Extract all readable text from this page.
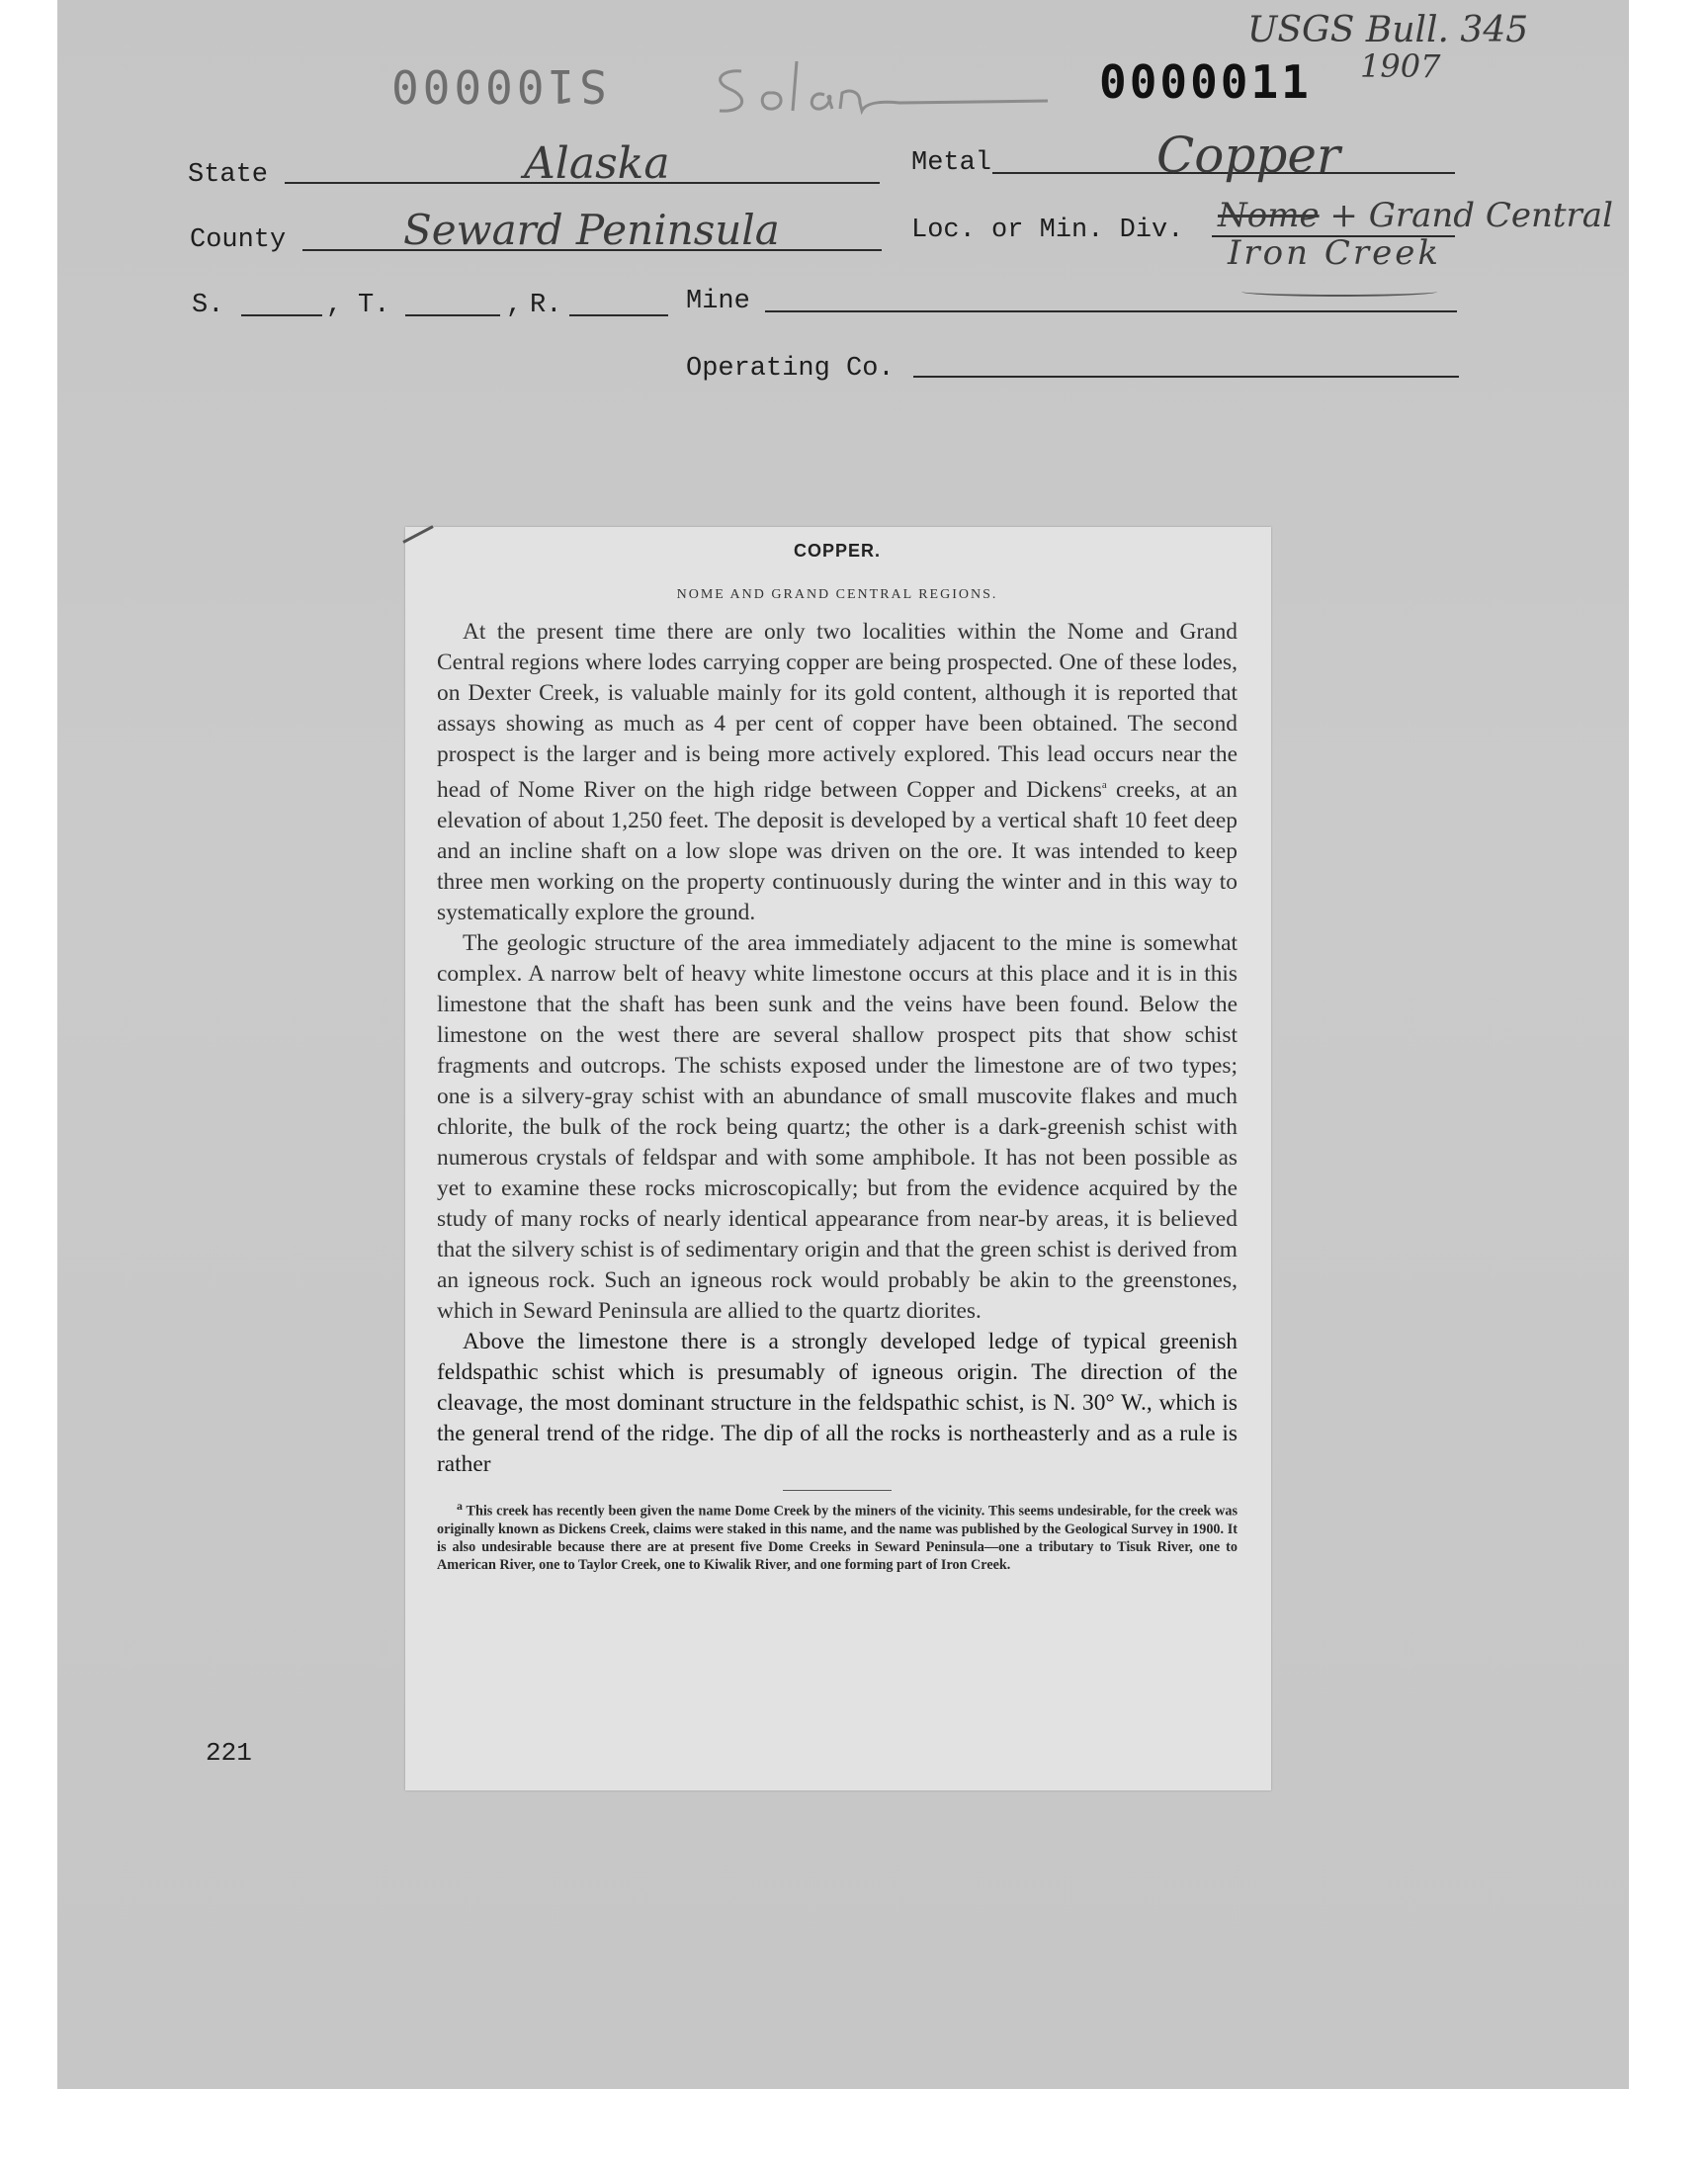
S100000	0000011
USGS Bull. 345
1907
State	Alaska	Metal	Copper
County	Seward Peninsula	Loc. or Min. Div. Nome + Grand Central
Iron Creek
S.	, T.	, R.	Mine
Operating Co.
COPPER.
NOME AND GRAND CENTRAL REGIONS.

At the present time there are only two localities within the Nome and Grand Central regions where lodes carrying copper are being prospected. One of these lodes, on Dexter Creek, is valuable mainly for its gold content, although it is reported that assays showing as much as 4 per cent of copper have been obtained. The second prospect is the larger and is being more actively explored. This lead occurs near the head of Nome River on the high ridge between Copper and Dickens$^a$ creeks, at an elevation of about 1,250 feet. The deposit is developed by a vertical shaft 10 feet deep and an incline shaft on a low slope was driven on the ore. It was intended to keep three men working on the property continuously during the winter and in this way to systematically explore the ground.

The geologic structure of the area immediately adjacent to the mine is somewhat complex. A narrow belt of heavy white limestone occurs at this place and it is in this limestone that the shaft has been sunk and the veins have been found. Below the limestone on the west there are several shallow prospect pits that show schist fragments and outcrops. The schists exposed under the limestone are of two types; one is a silvery-gray schist with an abundance of small muscovite flakes and much chlorite, the bulk of the rock being quartz; the other is a dark-greenish schist with numerous crystals of feldspar and with some amphibole. It has not been possible as yet to examine these rocks microscopically; but from the evidence acquired by the study of many rocks of nearly identical appearance from near-by areas, it is believed that the silvery schist is of sedimentary origin and that the green schist is derived from an igneous rock. Such an igneous rock would probably be akin to the greenstones, which in Seward Peninsula are allied to the quartz diorites.

Above the limestone there is a strongly developed ledge of typical greenish feldspathic schist which is presumably of igneous origin. The direction of the cleavage, the most dominant structure in the feldspathic schist, is N. 30° W., which is the general trend of the ridge. The dip of all the rocks is northeasterly and as a rule is rather

$^a$ This creek has recently been given the name Dome Creek by the miners of the vicinity. This seems undesirable, for the creek was originally known as Dickens Creek, claims were staked in this name, and the name was published by the Geological Survey in 1900. It is also undesirable because there are at present five Dome Creeks in Seward Peninsula—one a tributary to Tisuk River, one to American River, one to Taylor Creek, one to Kiwalik River, and one forming part of Iron Creek.

221
